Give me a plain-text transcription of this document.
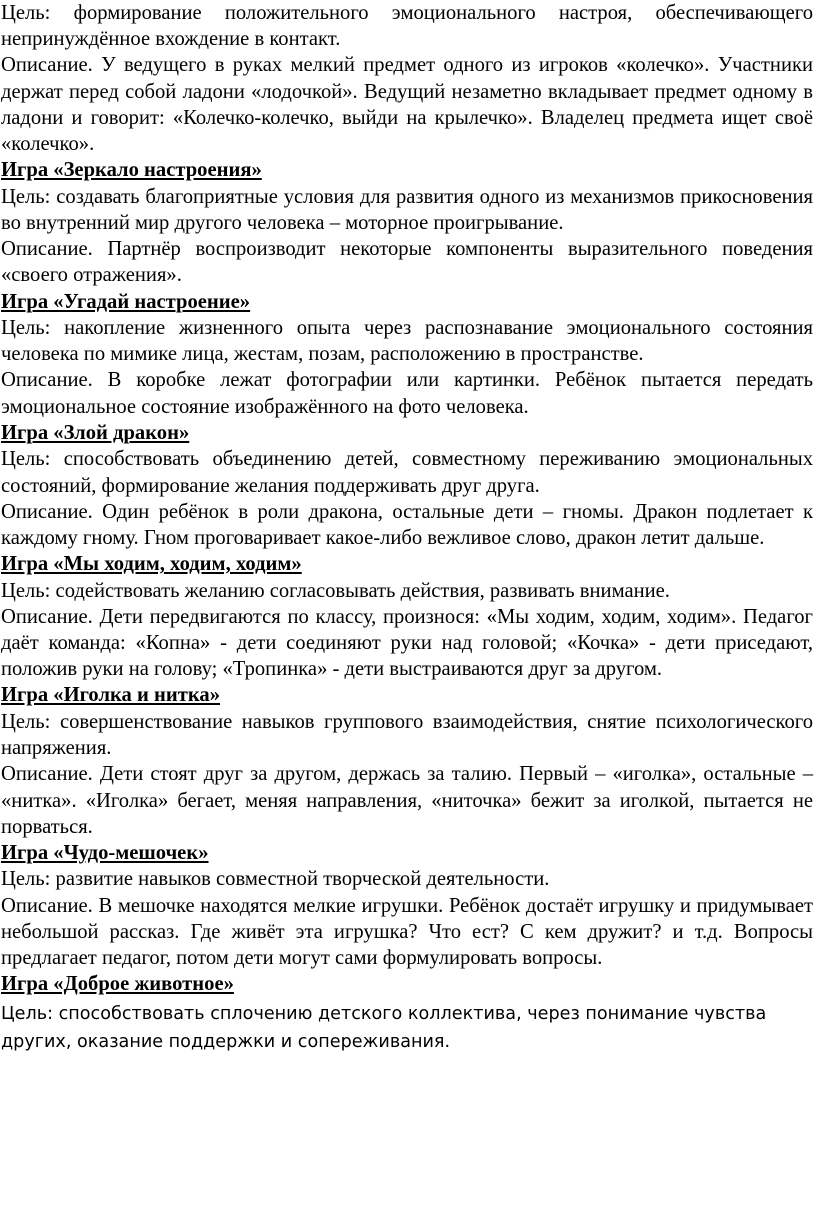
Цель: формирование положительного эмоционального настроя, обеспечивающего непринуждённое вхождение в контакт.

Описание. У ведущего в руках мелкий предмет одного из игроков «колечко». Участники держат перед собой ладони «лодочкой». Ведущий незаметно вкладывает предмет одному в ладони и говорит: «Колечко-колечко, выйди на крылечко». Владелец предмета ищет своё «колечко».

Игра «Зеркало настроения»

Цель: создавать благоприятные условия для развития одного из механизмов прикосновения во внутренний мир другого человека – моторное проигрывание.

Описание. Партнёр воспроизводит некоторые компоненты выразительного поведения «своего отражения».

Игра «Угадай настроение»

Цель: накопление жизненного опыта через распознавание эмоционального состояния человека по мимике лица, жестам, позам, расположению в пространстве.

Описание. В коробке лежат фотографии или картинки. Ребёнок пытается передать эмоциональное состояние изображённого на фото человека.

Игра «Злой дракон»

Цель: способствовать объединению детей, совместному переживанию эмоциональных состояний, формирование желания поддерживать друг друга.

Описание. Один ребёнок в роли дракона, остальные дети – гномы. Дракон подлетает к каждому гному. Гном проговаривает какое-либо вежливое слово, дракон летит дальше.

Игра «Мы ходим, ходим, ходим»

Цель: содействовать желанию согласовывать действия, развивать внимание.

Описание. Дети передвигаются по классу, произнося: «Мы ходим, ходим, ходим». Педагог даёт команда: «Копна» - дети соединяют руки над головой; «Кочка» - дети приседают, положив руки на голову; «Тропинка» - дети выстраиваются друг за другом.

Игра «Иголка и нитка»

Цель: совершенствование навыков группового взаимодействия, снятие психологического напряжения.

Описание. Дети стоят друг за другом, держась за талию. Первый – «иголка», остальные – «нитка». «Иголка» бегает, меняя направления, «ниточка» бежит за иголкой, пытается не порваться.

Игра «Чудо-мешочек»

Цель: развитие навыков совместной творческой деятельности.

Описание. В мешочке находятся мелкие игрушки. Ребёнок достаёт игрушку и придумывает небольшой рассказ. Где живёт эта игрушка? Что ест? С кем дружит? и т.д. Вопросы предлагает педагог, потом дети могут сами формулировать вопросы.

Игра «Доброе животное»

Цель: способствовать сплочению детского коллектива, через понимание чувства других, оказание поддержки и сопереживания.
